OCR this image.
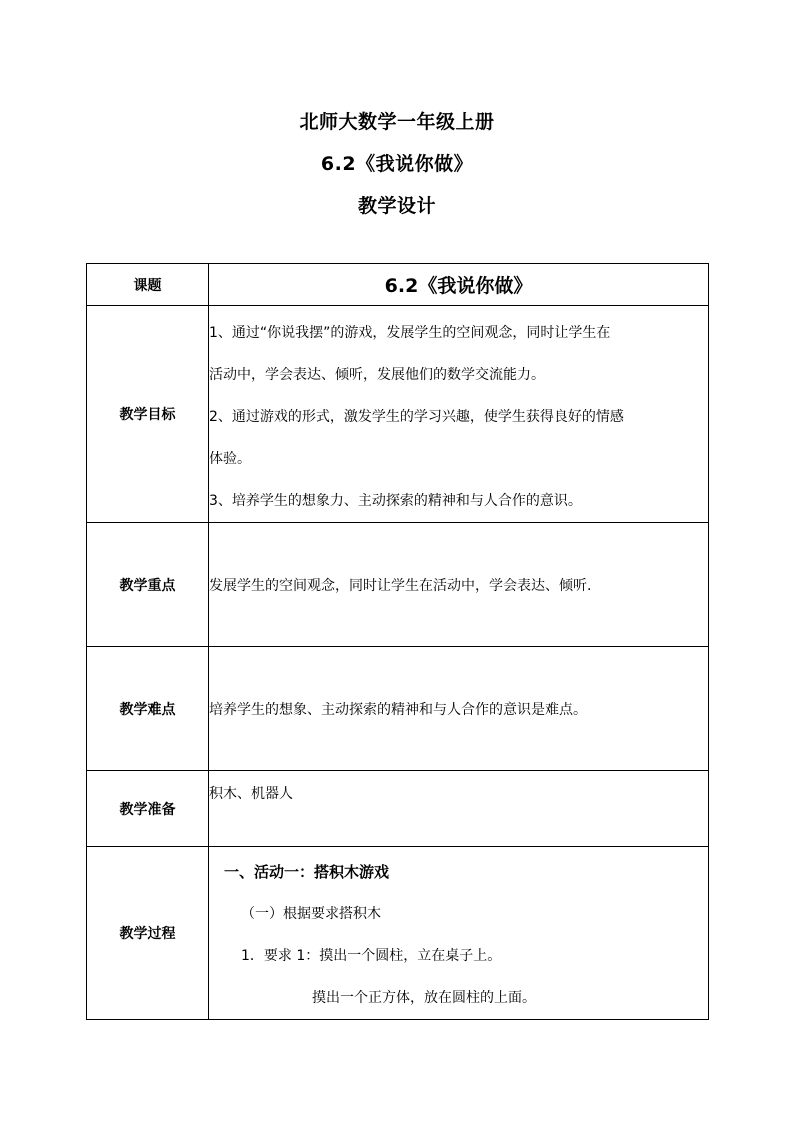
北师大数学一年级上册
6.2《我说你做》
教学设计
课题	6.2《我说你做》
教学目标	1、通过“你说我摆”的游戏，发展学生的空间观念，同时让学生在
活动中，学会表达、倾听，发展他们的数学交流能力。
2、通过游戏的形式，激发学生的学习兴趣，使学生获得良好的情感
体验。
3、培养学生的想象力、主动探索的精神和与人合作的意识。

教学重点	发展学生的空间观念，同时让学生在活动中，学会表达、倾听.
教学难点	培养学生的想象、主动探索的精神和与人合作的意识是难点。
教学准备	积木、机器人
教学过程	一、活动一：搭积木游戏
（一）根据要求搭积木
1．要求 1：摸出一个圆柱，立在桌子上。
摸出一个正方体，放在圆柱的上面。
